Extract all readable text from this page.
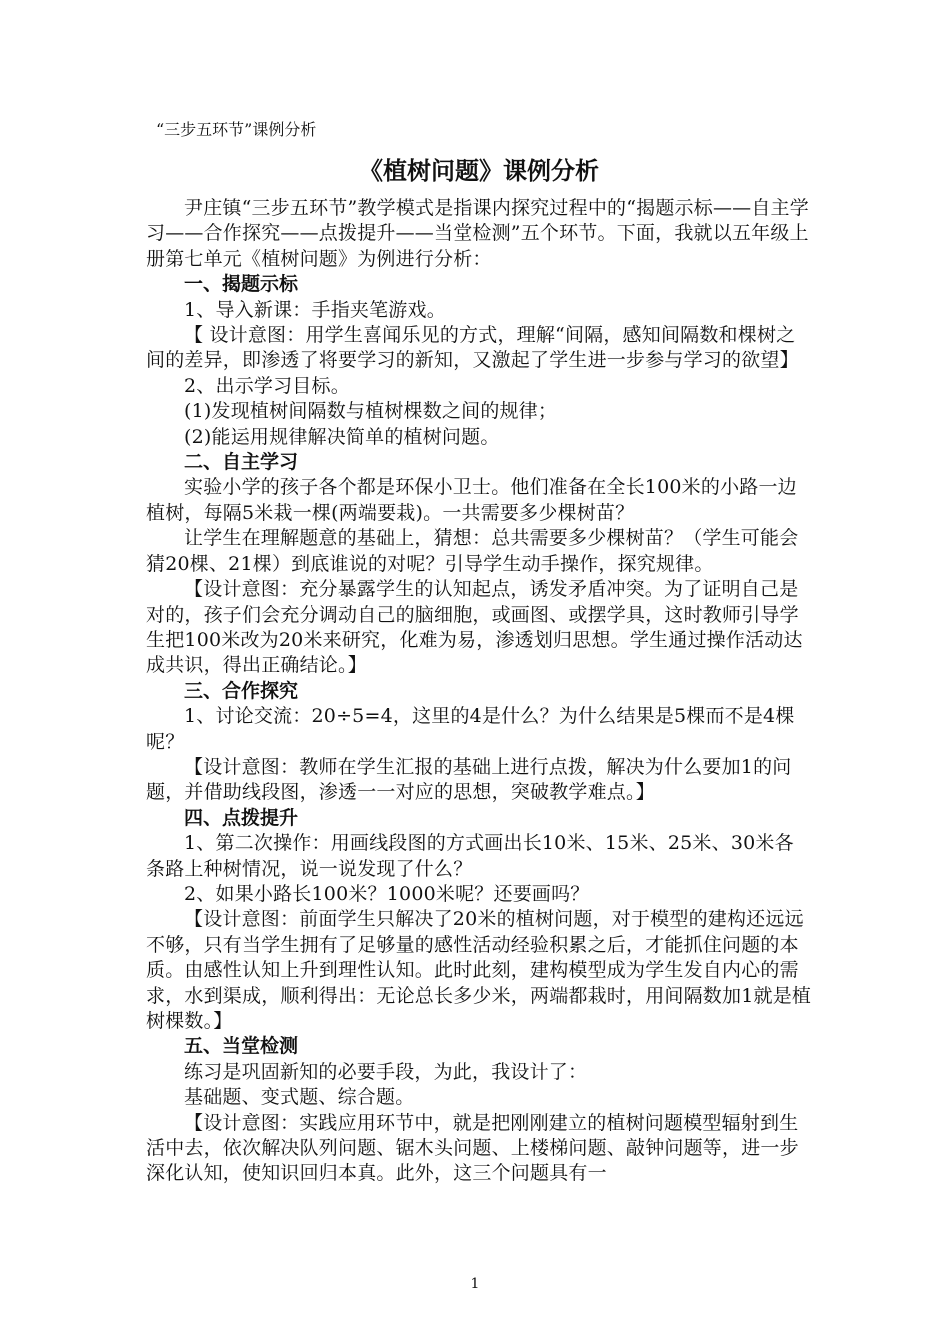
“三步五环节”课例分析
《植树问题》课例分析

尹庄镇“三步五环节”教学模式是指课内探究过程中的“揭题示标——自主学习——合作探究——点拨提升——当堂检测”五个环节。下面，我就以五年级上册第七单元《植树问题》为例进行分析：

一、揭题示标

1、导入新课：手指夹笔游戏。

【 设计意图：用学生喜闻乐见的方式，理解“间隔，感知间隔数和棵树之间的差异，即渗透了将要学习的新知，又激起了学生进一步参与学习的欲望】

2、出示学习目标。

(1)发现植树间隔数与植树棵数之间的规律；

(2)能运用规律解决简单的植树问题。

二、自主学习

实验小学的孩子各个都是环保小卫士。他们准备在全长100米的小路一边植树，每隔5米栽一棵(两端要栽)。一共需要多少棵树苗？

让学生在理解题意的基础上，猜想：总共需要多少棵树苗？（学生可能会猜20棵、21棵）到底谁说的对呢？引导学生动手操作，探究规律。

【设计意图：充分暴露学生的认知起点，诱发矛盾冲突。为了证明自己是对的，孩子们会充分调动自己的脑细胞，或画图、或摆学具，这时教师引导学生把100米改为20米来研究，化难为易，渗透划归思想。学生通过操作活动达成共识，得出正确结论。】

三、合作探究

1、讨论交流：20÷5=4，这里的4是什么？为什么结果是5棵而不是4棵呢？

【设计意图：教师在学生汇报的基础上进行点拨，解决为什么要加1的问题，并借助线段图，渗透一一对应的思想，突破教学难点。】

四、点拨提升

1、第二次操作：用画线段图的方式画出长10米、15米、25米、30米各条路上种树情况，说一说发现了什么？

2、如果小路长100米？1000米呢？还要画吗？

【设计意图：前面学生只解决了20米的植树问题，对于模型的建构还远远不够，只有当学生拥有了足够量的感性活动经验积累之后，才能抓住问题的本质。由感性认知上升到理性认知。此时此刻，建构模型成为学生发自内心的需求，水到渠成，顺利得出：无论总长多少米，两端都栽时，用间隔数加1就是植树棵数。】

五、当堂检测

练习是巩固新知的必要手段，为此，我设计了：

基础题、变式题、综合题。

【设计意图：实践应用环节中，就是把刚刚建立的植树问题模型辐射到生活中去，依次解决队列问题、锯木头问题、上楼梯问题、敲钟问题等，进一步深化认知，使知识回归本真。此外，这三个问题具有一

1
